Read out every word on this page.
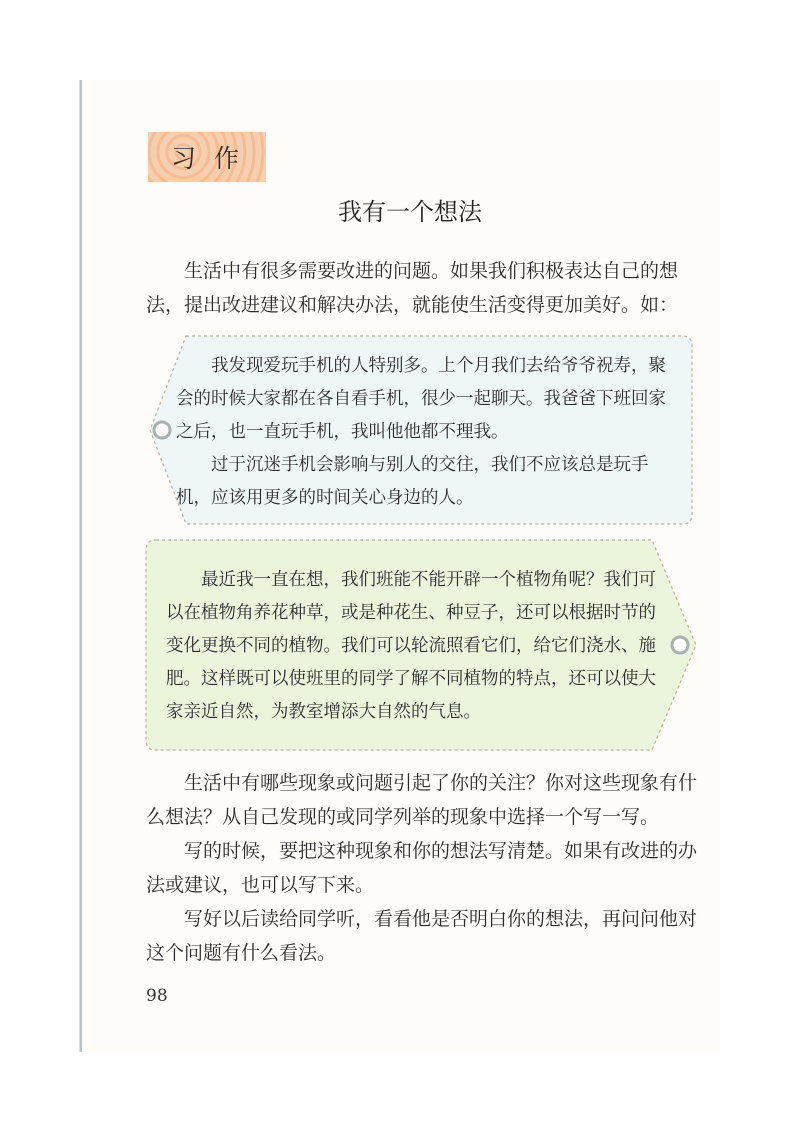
习作
我有一个想法

生活中有很多需要改进的问题。如果我们积极表达自己的想法，提出改进建议和解决办法，就能使生活变得更加美好。如：

我发现爱玩手机的人特别多。上个月我们去给爷爷祝寿，聚会的时候大家都在各自看手机，很少一起聊天。我爸爸下班回家之后，也一直玩手机，我叫他他都不理我。

过于沉迷手机会影响与别人的交往，我们不应该总是玩手机，应该用更多的时间关心身边的人。

最近我一直在想，我们班能不能开辟一个植物角呢？我们可以在植物角养花种草，或是种花生、种豆子，还可以根据时节的变化更换不同的植物。我们可以轮流照看它们，给它们浇水、施肥。这样既可以使班里的同学了解不同植物的特点，还可以使大家亲近自然，为教室增添大自然的气息。

生活中有哪些现象或问题引起了你的关注？你对这些现象有什么想法？从自己发现的或同学列举的现象中选择一个写一写。

写的时候，要把这种现象和你的想法写清楚。如果有改进的办法或建议，也可以写下来。

写好以后读给同学听，看看他是否明白你的想法，再问问他对这个问题有什么看法。

98
